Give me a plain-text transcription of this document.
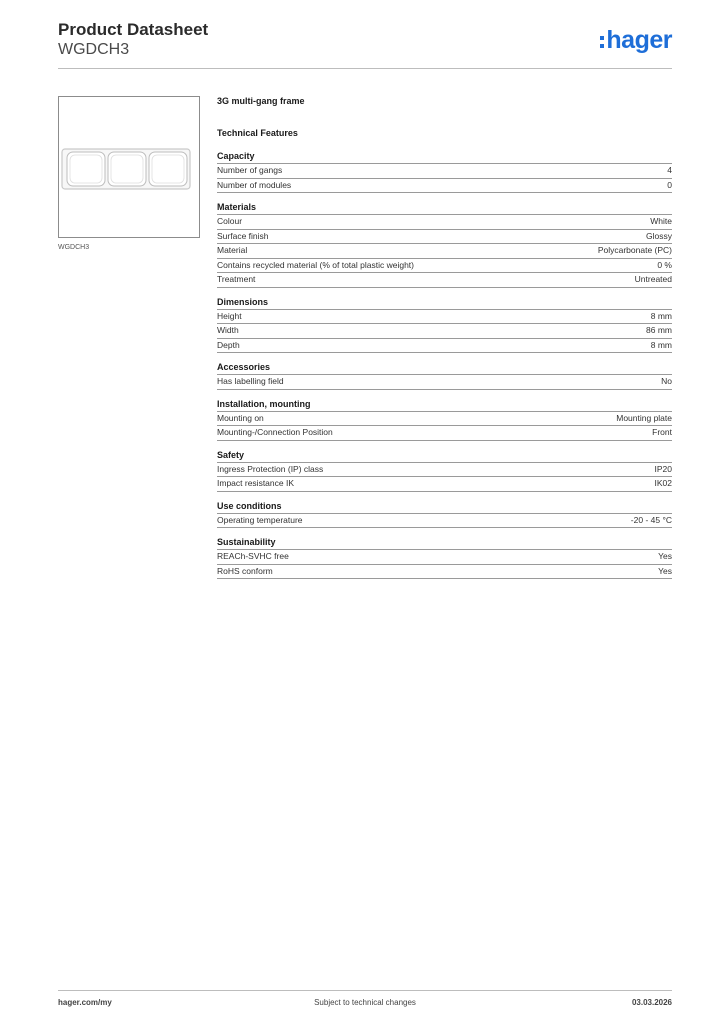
Product Datasheet
WGDCH3	hager
WGDCH3
3G multi-gang frame
Technical Features
Capacity
Number of gangs	4
Number of modules	0
Materials
Colour	White
Surface finish	Glossy
Material	Polycarbonate (PC)
Contains recycled material (% of total plastic weight)	0 %
Treatment	Untreated
Dimensions
Height	8 mm
Width	86 mm
Depth	8 mm
Accessories
Has labelling field	No
Installation, mounting
Mounting on	Mounting plate
Mounting-/Connection Position	Front
Safety
Ingress Protection (IP) class	IP20
Impact resistance IK	IK02
Use conditions
Operating temperature	-20 - 45 °C
Sustainability
REACh-SVHC free	Yes
RoHS conform	Yes
hager.com/my	Subject to technical changes	03.03.2026
